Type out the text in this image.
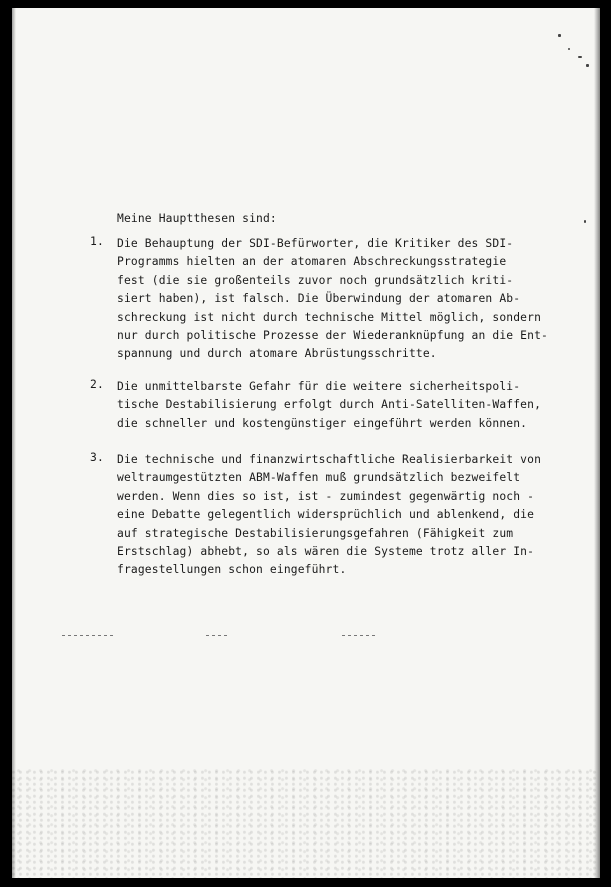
Meine Hauptthesen sind:
1. Die Behauptung der SDI-Befürworter, die Kritiker des SDI-
Programms hielten an der atomaren Abschreckungsstrategie
fest (die sie großenteils zuvor noch grundsätzlich kriti-
siert haben), ist falsch. Die Überwindung der atomaren Ab-
schreckung ist nicht durch technische Mittel möglich, sondern
nur durch politische Prozesse der Wiederanknüpfung an die Ent-
spannung und durch atomare Abrüstungsschritte.
2. Die unmittelbarste Gefahr für die weitere sicherheitspoli-
tische Destabilisierung erfolgt durch Anti-Satelliten-Waffen,
die schneller und kostengünstiger eingeführt werden können.
3. Die technische und finanzwirtschaftliche Realisierbarkeit von
weltraumgestützten ABM-Waffen muß grundsätzlich bezweifelt
werden. Wenn dies so ist, ist - zumindest gegenwärtig noch -
eine Debatte gelegentlich widersprüchlich und ablenkend, die
auf strategische Destabilisierungsgefahren (Fähigkeit zum
Erstschlag) abhebt, so als wären die Systeme trotz aller In-
fragestellungen schon eingeführt.
